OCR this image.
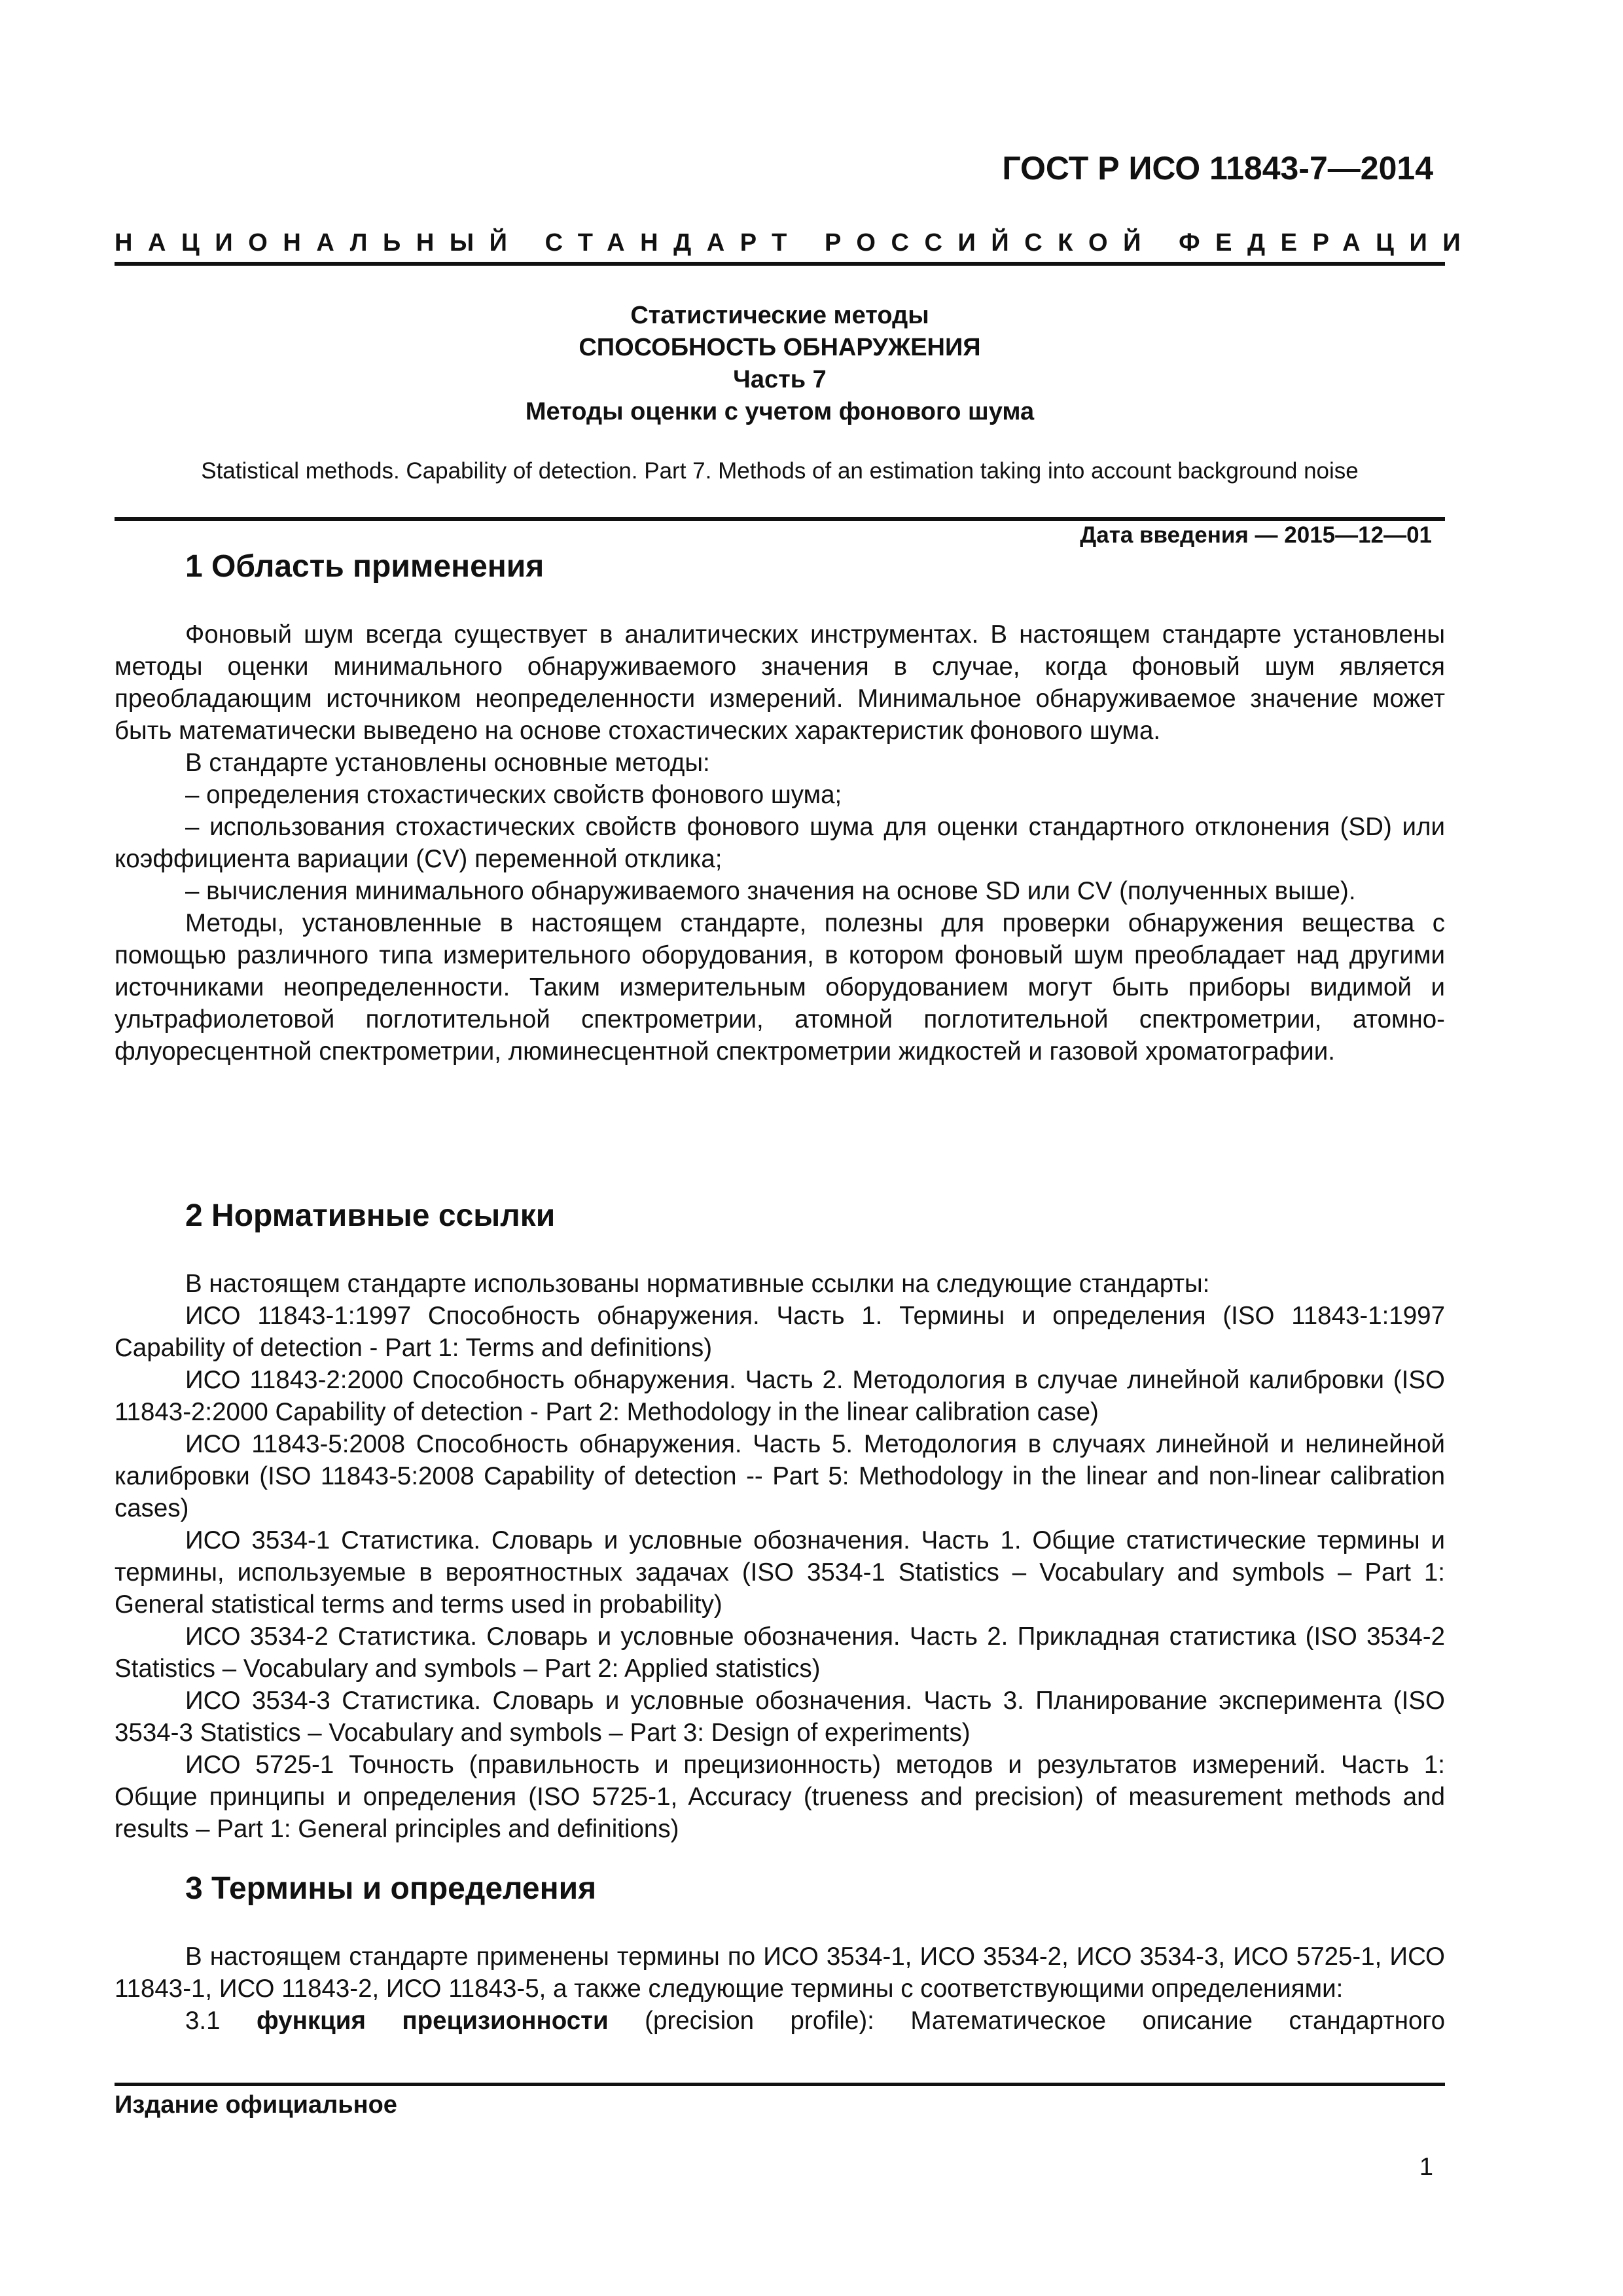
ГОСТ Р ИСО 11843-7—2014
НАЦИОНАЛЬНЫЙ СТАНДАРТ РОССИЙСКОЙ ФЕДЕРАЦИИ
Статистические методы
СПОСОБНОСТЬ ОБНАРУЖЕНИЯ
Часть 7
Методы оценки с учетом фонового шума
Statistical methods. Capability of detection. Part 7. Methods of an estimation taking into account background noise
Дата введения — 2015—12—01
1 Область применения

Фоновый шум всегда существует в аналитических инструментах. В настоящем стандарте установлены методы оценки минимального обнаруживаемого значения в случае, когда фоновый шум является преобладающим источником неопределенности измерений. Минимальное обнаруживаемое значение может быть математически выведено на основе стохастических характеристик фонового шума.

В стандарте установлены основные методы:

– определения стохастических свойств фонового шума;

– использования стохастических свойств фонового шума для оценки стандартного отклонения (SD) или коэффициента вариации (CV) переменной отклика;

– вычисления минимального обнаруживаемого значения на основе SD или CV (полученных выше).

Методы, установленные в настоящем стандарте, полезны для проверки обнаружения вещества с помощью различного типа измерительного оборудования, в котором фоновый шум преобладает над другими источниками неопределенности. Таким измерительным оборудованием могут быть приборы видимой и ультрафиолетовой поглотительной спектрометрии, атомной поглотительной спектрометрии, атомно-флуоресцентной спектрометрии, люминесцентной спектрометрии жидкостей и газовой хроматографии.

2 Нормативные ссылки

В настоящем стандарте использованы нормативные ссылки на следующие стандарты:

ИСО 11843-1:1997 Способность обнаружения. Часть 1. Термины и определения (ISO 11843-1:1997 Capability of detection - Part 1: Terms and definitions)

ИСО 11843-2:2000 Способность обнаружения. Часть 2. Методология в случае линейной калибровки (ISO 11843-2:2000 Capability of detection - Part 2: Methodology in the linear calibration case)

ИСО 11843-5:2008 Способность обнаружения. Часть 5. Методология в случаях линейной и нелинейной калибровки (ISO 11843-5:2008 Capability of detection -- Part 5: Methodology in the linear and non-linear calibration cases)

ИСО 3534-1 Статистика. Словарь и условные обозначения. Часть 1. Общие статистические термины и термины, используемые в вероятностных задачах (ISO 3534-1 Statistics – Vocabulary and symbols – Part 1: General statistical terms and terms used in probability)

ИСО 3534-2 Статистика. Словарь и условные обозначения. Часть 2. Прикладная статистика (ISO 3534-2 Statistics – Vocabulary and symbols – Part 2: Applied statistics)

ИСО 3534-3 Статистика. Словарь и условные обозначения. Часть 3. Планирование эксперимента (ISO 3534-3 Statistics – Vocabulary and symbols – Part 3: Design of experiments)

ИСО 5725-1 Точность (правильность и прецизионность) методов и результатов измерений. Часть 1: Общие принципы и определения (ISO 5725-1, Accuracy (trueness and precision) of measurement methods and results – Part 1: General principles and definitions)

3 Термины и определения

В настоящем стандарте применены термины по ИСО 3534-1, ИСО 3534-2, ИСО 3534-3, ИСО 5725-1, ИСО 11843-1, ИСО 11843-2, ИСО 11843-5, а также следующие термины с соответствующими определениями:

3.1 функция прецизионности (precision profile): Математическое описание стандартного

Издание официальное
1
